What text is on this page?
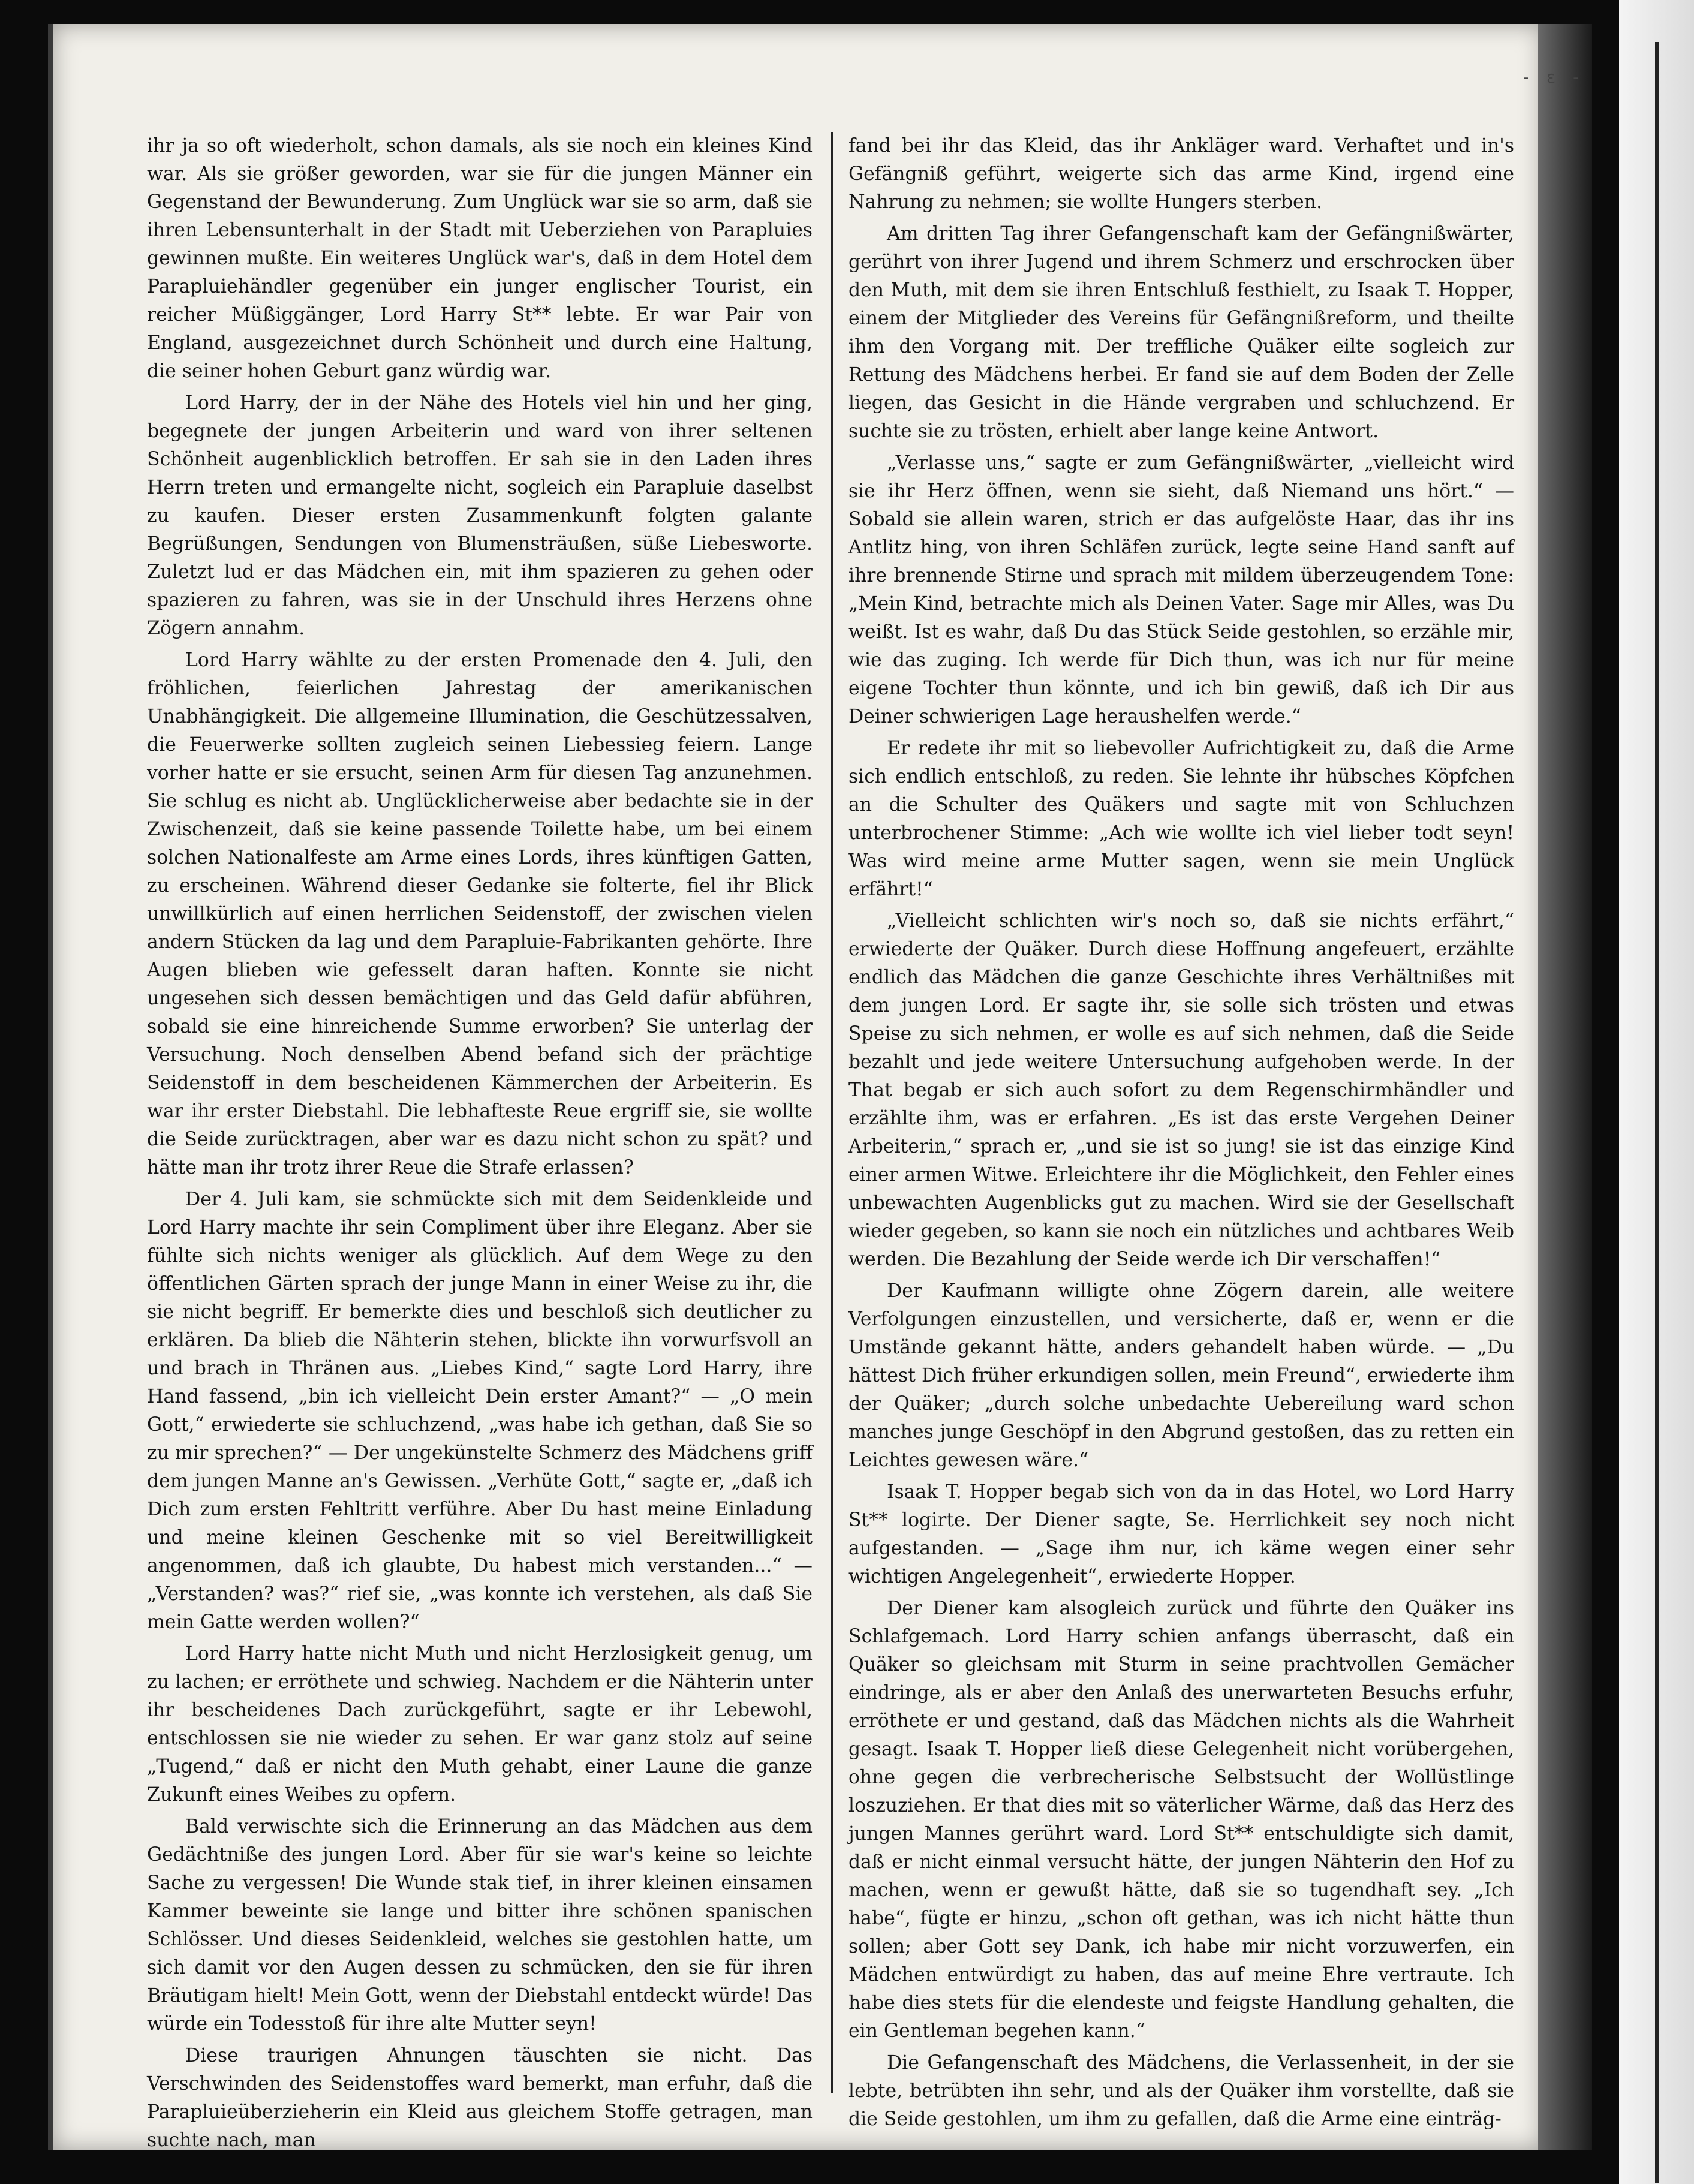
- ɛ -

ihr ja so oft wiederholt, schon damals, als sie noch ein kleines Kind war. Als sie größer geworden, war sie für die jungen Männer ein Gegenstand der Bewunderung. Zum Unglück war sie so arm, daß sie ihren Lebensunterhalt in der Stadt mit Ueberziehen von Parapluies gewinnen mußte. Ein weiteres Unglück war's, daß in dem Hotel dem Parapluiehändler gegenüber ein junger englischer Tourist, ein reicher Müßiggänger, Lord Harry St** lebte. Er war Pair von England, ausgezeichnet durch Schönheit und durch eine Haltung, die seiner hohen Geburt ganz würdig war.

Lord Harry, der in der Nähe des Hotels viel hin und her ging, begegnete der jungen Arbeiterin und ward von ihrer seltenen Schönheit augenblicklich betroffen. Er sah sie in den Laden ihres Herrn treten und ermangelte nicht, sogleich ein Parapluie daselbst zu kaufen. Dieser ersten Zusammenkunft folgten galante Begrüßungen, Sendungen von Blumensträußen, süße Liebesworte. Zuletzt lud er das Mädchen ein, mit ihm spazieren zu gehen oder spazieren zu fahren, was sie in der Unschuld ihres Herzens ohne Zögern annahm.

Lord Harry wählte zu der ersten Promenade den 4. Juli, den fröhlichen, feierlichen Jahrestag der amerikanischen Unabhängigkeit. Die allgemeine Illumination, die Geschützessalven, die Feuerwerke sollten zugleich seinen Liebessieg feiern. Lange vorher hatte er sie ersucht, seinen Arm für diesen Tag anzunehmen. Sie schlug es nicht ab. Unglücklicherweise aber bedachte sie in der Zwischenzeit, daß sie keine passende Toilette habe, um bei einem solchen Nationalfeste am Arme eines Lords, ihres künftigen Gatten, zu erscheinen. Während dieser Gedanke sie folterte, fiel ihr Blick unwillkürlich auf einen herrlichen Seidenstoff, der zwischen vielen andern Stücken da lag und dem Parapluie-Fabrikanten gehörte. Ihre Augen blieben wie gefesselt daran haften. Konnte sie nicht ungesehen sich dessen bemächtigen und das Geld dafür abführen, sobald sie eine hinreichende Summe erworben? Sie unterlag der Versuchung. Noch denselben Abend befand sich der prächtige Seidenstoff in dem bescheidenen Kämmerchen der Arbeiterin. Es war ihr erster Diebstahl. Die lebhafteste Reue ergriff sie, sie wollte die Seide zurücktragen, aber war es dazu nicht schon zu spät? und hätte man ihr trotz ihrer Reue die Strafe erlassen?

Der 4. Juli kam, sie schmückte sich mit dem Seidenkleide und Lord Harry machte ihr sein Compliment über ihre Eleganz. Aber sie fühlte sich nichts weniger als glücklich. Auf dem Wege zu den öffentlichen Gärten sprach der junge Mann in einer Weise zu ihr, die sie nicht begriff. Er bemerkte dies und beschloß sich deutlicher zu erklären. Da blieb die Nähterin stehen, blickte ihn vorwurfsvoll an und brach in Thränen aus. „Liebes Kind,“ sagte Lord Harry, ihre Hand fassend, „bin ich vielleicht Dein erster Amant?“ — „O mein Gott,“ erwiederte sie schluchzend, „was habe ich gethan, daß Sie so zu mir sprechen?“ — Der ungekünstelte Schmerz des Mädchens griff dem jungen Manne an's Gewissen. „Verhüte Gott,“ sagte er, „daß ich Dich zum ersten Fehltritt verführe. Aber Du hast meine Einladung und meine kleinen Geschenke mit so viel Bereitwilligkeit angenommen, daß ich glaubte, Du habest mich verstanden...“ — „Verstanden? was?“ rief sie, „was konnte ich verstehen, als daß Sie mein Gatte werden wollen?“

Lord Harry hatte nicht Muth und nicht Herzlosigkeit genug, um zu lachen; er erröthete und schwieg. Nachdem er die Nähterin unter ihr bescheidenes Dach zurückgeführt, sagte er ihr Lebewohl, entschlossen sie nie wieder zu sehen. Er war ganz stolz auf seine „Tugend,“ daß er nicht den Muth gehabt, einer Laune die ganze Zukunft eines Weibes zu opfern.

Bald verwischte sich die Erinnerung an das Mädchen aus dem Gedächtniße des jungen Lord. Aber für sie war's keine so leichte Sache zu vergessen! Die Wunde stak tief, in ihrer kleinen einsamen Kammer beweinte sie lange und bitter ihre schönen spanischen Schlösser. Und dieses Seidenkleid, welches sie gestohlen hatte, um sich damit vor den Augen dessen zu schmücken, den sie für ihren Bräutigam hielt! Mein Gott, wenn der Diebstahl entdeckt würde! Das würde ein Todesstoß für ihre alte Mutter seyn!

Diese traurigen Ahnungen täuschten sie nicht. Das Verschwinden des Seidenstoffes ward bemerkt, man erfuhr, daß die Parapluieüberzieherin ein Kleid aus gleichem Stoffe getragen, man suchte nach, man

fand bei ihr das Kleid, das ihr Ankläger ward. Verhaftet und in's Gefängniß geführt, weigerte sich das arme Kind, irgend eine Nahrung zu nehmen; sie wollte Hungers sterben.

Am dritten Tag ihrer Gefangenschaft kam der Gefängnißwärter, gerührt von ihrer Jugend und ihrem Schmerz und erschrocken über den Muth, mit dem sie ihren Entschluß festhielt, zu Isaak T. Hopper, einem der Mitglieder des Vereins für Gefängnißreform, und theilte ihm den Vorgang mit. Der treffliche Quäker eilte sogleich zur Rettung des Mädchens herbei. Er fand sie auf dem Boden der Zelle liegen, das Gesicht in die Hände vergraben und schluchzend. Er suchte sie zu trösten, erhielt aber lange keine Antwort.

„Verlasse uns,“ sagte er zum Gefängnißwärter, „vielleicht wird sie ihr Herz öffnen, wenn sie sieht, daß Niemand uns hört.“ — Sobald sie allein waren, strich er das aufgelöste Haar, das ihr ins Antlitz hing, von ihren Schläfen zurück, legte seine Hand sanft auf ihre brennende Stirne und sprach mit mildem überzeugendem Tone: „Mein Kind, betrachte mich als Deinen Vater. Sage mir Alles, was Du weißt. Ist es wahr, daß Du das Stück Seide gestohlen, so erzähle mir, wie das zuging. Ich werde für Dich thun, was ich nur für meine eigene Tochter thun könnte, und ich bin gewiß, daß ich Dir aus Deiner schwierigen Lage heraushelfen werde.“

Er redete ihr mit so liebevoller Aufrichtigkeit zu, daß die Arme sich endlich entschloß, zu reden. Sie lehnte ihr hübsches Köpfchen an die Schulter des Quäkers und sagte mit von Schluchzen unterbrochener Stimme: „Ach wie wollte ich viel lieber todt seyn! Was wird meine arme Mutter sagen, wenn sie mein Unglück erfährt!“

„Vielleicht schlichten wir's noch so, daß sie nichts erfährt,“ erwiederte der Quäker. Durch diese Hoffnung angefeuert, erzählte endlich das Mädchen die ganze Geschichte ihres Verhältnißes mit dem jungen Lord. Er sagte ihr, sie solle sich trösten und etwas Speise zu sich nehmen, er wolle es auf sich nehmen, daß die Seide bezahlt und jede weitere Untersuchung aufgehoben werde. In der That begab er sich auch sofort zu dem Regenschirmhändler und erzählte ihm, was er erfahren. „Es ist das erste Vergehen Deiner Arbeiterin,“ sprach er, „und sie ist so jung! sie ist das einzige Kind einer armen Witwe. Erleichtere ihr die Möglichkeit, den Fehler eines unbewachten Augenblicks gut zu machen. Wird sie der Gesellschaft wieder gegeben, so kann sie noch ein nützliches und achtbares Weib werden. Die Bezahlung der Seide werde ich Dir verschaffen!“

Der Kaufmann willigte ohne Zögern darein, alle weitere Verfolgungen einzustellen, und versicherte, daß er, wenn er die Umstände gekannt hätte, anders gehandelt haben würde. — „Du hättest Dich früher erkundigen sollen, mein Freund“, erwiederte ihm der Quäker; „durch solche unbedachte Uebereilung ward schon manches junge Geschöpf in den Abgrund gestoßen, das zu retten ein Leichtes gewesen wäre.“

Isaak T. Hopper begab sich von da in das Hotel, wo Lord Harry St** logirte. Der Diener sagte, Se. Herrlichkeit sey noch nicht aufgestanden. — „Sage ihm nur, ich käme wegen einer sehr wichtigen Angelegenheit“, erwiederte Hopper.

Der Diener kam alsogleich zurück und führte den Quäker ins Schlafgemach. Lord Harry schien anfangs überrascht, daß ein Quäker so gleichsam mit Sturm in seine prachtvollen Gemächer eindringe, als er aber den Anlaß des unerwarteten Besuchs erfuhr, erröthete er und gestand, daß das Mädchen nichts als die Wahrheit gesagt. Isaak T. Hopper ließ diese Gelegenheit nicht vorübergehen, ohne gegen die verbrecherische Selbstsucht der Wollüstlinge loszuziehen. Er that dies mit so väterlicher Wärme, daß das Herz des jungen Mannes gerührt ward. Lord St** entschuldigte sich damit, daß er nicht einmal versucht hätte, der jungen Nähterin den Hof zu machen, wenn er gewußt hätte, daß sie so tugendhaft sey. „Ich habe“, fügte er hinzu, „schon oft gethan, was ich nicht hätte thun sollen; aber Gott sey Dank, ich habe mir nicht vorzuwerfen, ein Mädchen entwürdigt zu haben, das auf meine Ehre vertraute. Ich habe dies stets für die elendeste und feigste Handlung gehalten, die ein Gentleman begehen kann.“

Die Gefangenschaft des Mädchens, die Verlassenheit, in der sie lebte, betrübten ihn sehr, und als der Quäker ihm vorstellte, daß sie die Seide gestohlen, um ihm zu gefallen, daß die Arme eine einträg-
